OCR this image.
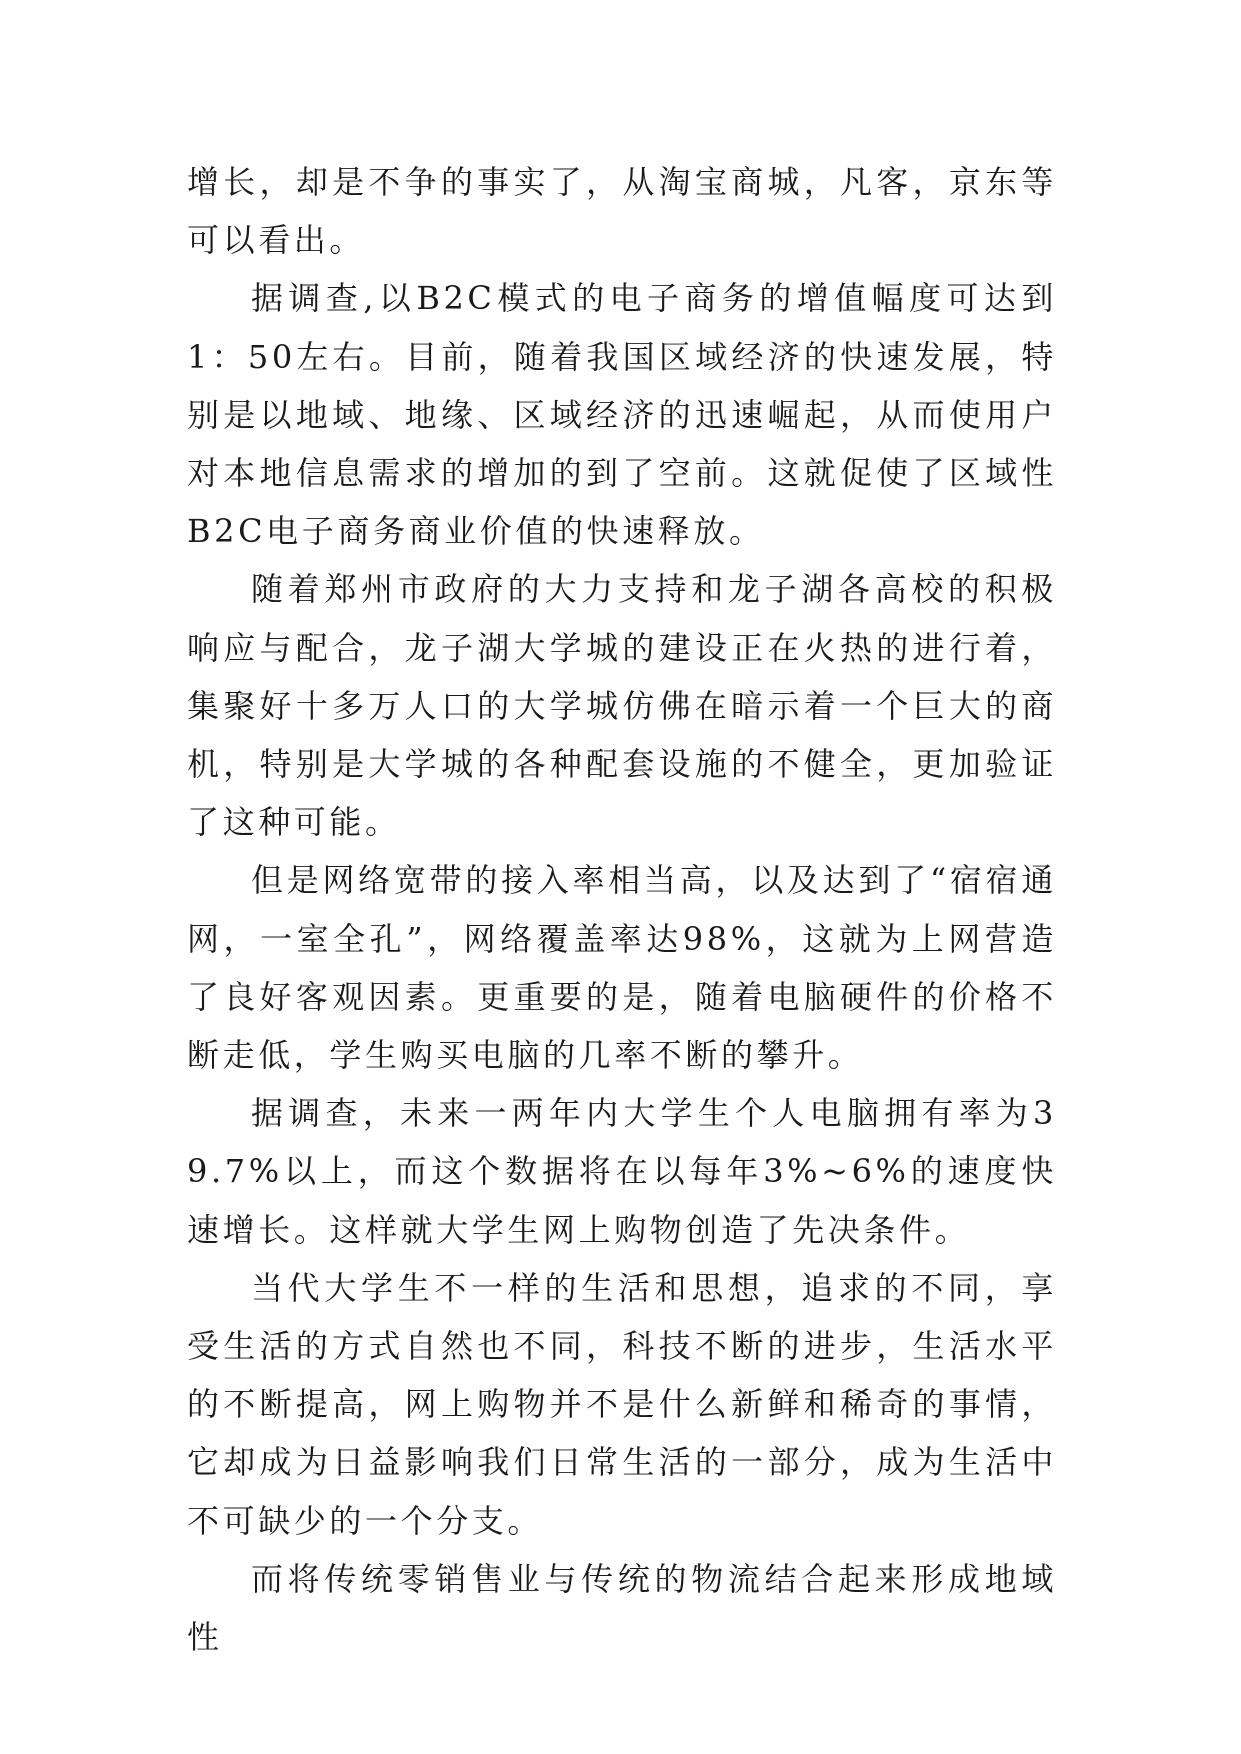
增长，却是不争的事实了，从淘宝商城，凡客，京东等可以看出。

据调查,以B2C模式的电子商务的增值幅度可达到1：50左右。目前，随着我国区域经济的快速发展，特别是以地域、地缘、区域经济的迅速崛起，从而使用户对本地信息需求的增加的到了空前。这就促使了区域性B2C电子商务商业价值的快速释放。

随着郑州市政府的大力支持和龙子湖各高校的积极响应与配合，龙子湖大学城的建设正在火热的进行着，集聚好十多万人口的大学城仿佛在暗示着一个巨大的商机，特别是大学城的各种配套设施的不健全，更加验证了这种可能。

但是网络宽带的接入率相当高，以及达到了“宿宿通网，一室全孔”，网络覆盖率达98%，这就为上网营造了良好客观因素。更重要的是，随着电脑硬件的价格不断走低，学生购买电脑的几率不断的攀升。

据调查，未来一两年内大学生个人电脑拥有率为39.7%以上，而这个数据将在以每年3%~6%的速度快速增长。这样就大学生网上购物创造了先决条件。

当代大学生不一样的生活和思想，追求的不同，享受生活的方式自然也不同，科技不断的进步，生活水平的不断提高，网上购物并不是什么新鲜和稀奇的事情，它却成为日益影响我们日常生活的一部分，成为生活中不可缺少的一个分支。

而将传统零销售业与传统的物流结合起来形成地域性
